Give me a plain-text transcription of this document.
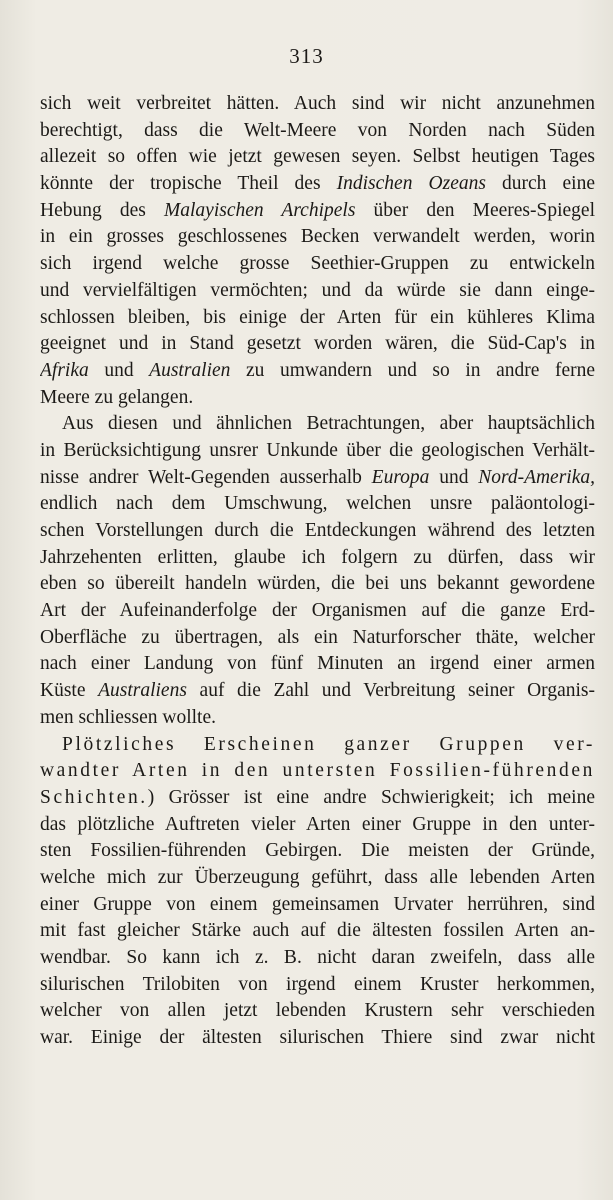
313
sich weit verbreitet hätten. Auch sind wir nicht anzunehmen
berechtigt, dass die Welt-Meere von Norden nach Süden
allezeit so offen wie jetzt gewesen seyen. Selbst heutigen Tages
könnte der tropische Theil des Indischen Ozeans durch eine
Hebung des Malayischen Archipels über den Meeres-Spiegel
in ein grosses geschlossenes Becken verwandelt werden, worin
sich irgend welche grosse Seethier-Gruppen zu entwickeln
und vervielfältigen vermöchten; und da würde sie dann einge-
schlossen bleiben, bis einige der Arten für ein kühleres Klima
geeignet und in Stand gesetzt worden wären, die Süd-Cap's in
Afrika und Australien zu umwandern und so in andre ferne
Meere zu gelangen.
Aus diesen und ähnlichen Betrachtungen, aber hauptsächlich
in Berücksichtigung unsrer Unkunde über die geologischen Verhält-
nisse andrer Welt-Gegenden ausserhalb Europa und Nord-Amerika,
endlich nach dem Umschwung, welchen unsre paläontologi-
schen Vorstellungen durch die Entdeckungen während des letzten
Jahrzehenten erlitten, glaube ich folgern zu dürfen, dass wir
eben so übereilt handeln würden, die bei uns bekannt gewordene
Art der Aufeinanderfolge der Organismen auf die ganze Erd-
Oberfläche zu übertragen, als ein Naturforscher thäte, welcher
nach einer Landung von fünf Minuten an irgend einer armen
Küste Australiens auf die Zahl und Verbreitung seiner Organis-
men schliessen wollte.
Plötzliches Erscheinen ganzer Gruppen ver-
wandter Arten in den untersten Fossilien-führenden
Schichten.) Grösser ist eine andre Schwierigkeit; ich meine
das plötzliche Auftreten vieler Arten einer Gruppe in den unter-
sten Fossilien-führenden Gebirgen. Die meisten der Gründe,
welche mich zur Überzeugung geführt, dass alle lebenden Arten
einer Gruppe von einem gemeinsamen Urvater herrühren, sind
mit fast gleicher Stärke auch auf die ältesten fossilen Arten an-
wendbar. So kann ich z. B. nicht daran zweifeln, dass alle
silurischen Trilobiten von irgend einem Kruster herkommen,
welcher von allen jetzt lebenden Krustern sehr verschieden
war. Einige der ältesten silurischen Thiere sind zwar nicht
